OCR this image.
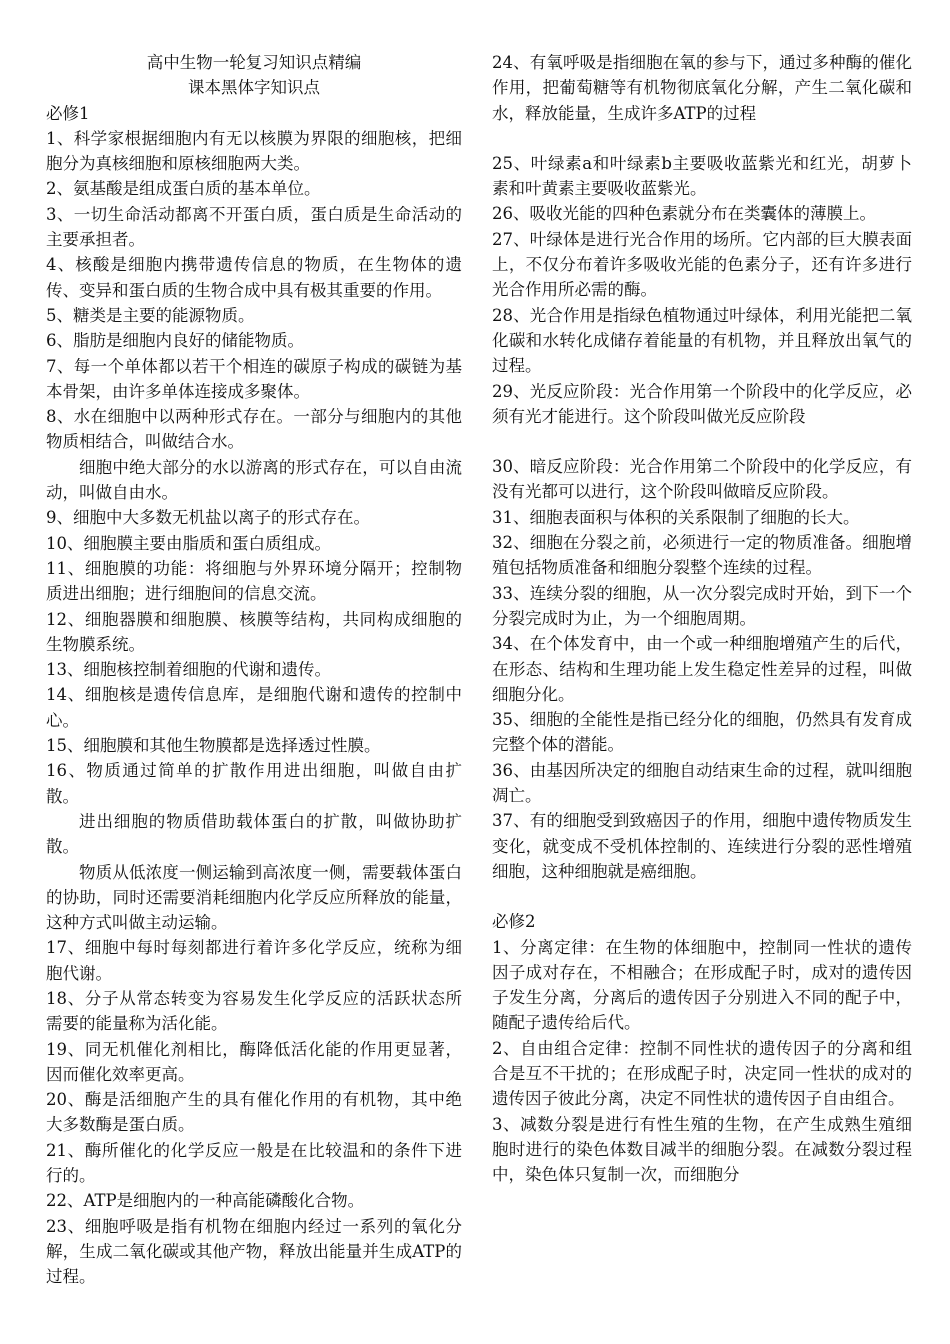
高中生物一轮复习知识点精编

课本黑体字知识点

必修1

1、科学家根据细胞内有无以核膜为界限的细胞核，把细胞分为真核细胞和原核细胞两大类。

2、氨基酸是组成蛋白质的基本单位。

3、一切生命活动都离不开蛋白质，蛋白质是生命活动的主要承担者。

4、核酸是细胞内携带遗传信息的物质，在生物体的遗传、变异和蛋白质的生物合成中具有极其重要的作用。

5、糖类是主要的能源物质。

6、脂肪是细胞内良好的储能物质。

7、每一个单体都以若干个相连的碳原子构成的碳链为基本骨架，由许多单体连接成多聚体。

8、水在细胞中以两种形式存在。一部分与细胞内的其他物质相结合，叫做结合水。

细胞中绝大部分的水以游离的形式存在，可以自由流动，叫做自由水。

9、细胞中大多数无机盐以离子的形式存在。

10、细胞膜主要由脂质和蛋白质组成。

11、细胞膜的功能：将细胞与外界环境分隔开；控制物质进出细胞；进行细胞间的信息交流。

12、细胞器膜和细胞膜、核膜等结构，共同构成细胞的生物膜系统。

13、细胞核控制着细胞的代谢和遗传。

14、细胞核是遗传信息库，是细胞代谢和遗传的控制中心。

15、细胞膜和其他生物膜都是选择透过性膜。

16、物质通过简单的扩散作用进出细胞，叫做自由扩散。

进出细胞的物质借助载体蛋白的扩散，叫做协助扩散。

物质从低浓度一侧运输到高浓度一侧，需要载体蛋白的协助，同时还需要消耗细胞内化学反应所释放的能量，这种方式叫做主动运输。

17、细胞中每时每刻都进行着许多化学反应，统称为细胞代谢。

18、分子从常态转变为容易发生化学反应的活跃状态所需要的能量称为活化能。

19、同无机催化剂相比，酶降低活化能的作用更显著，因而催化效率更高。

20、酶是活细胞产生的具有催化作用的有机物，其中绝大多数酶是蛋白质。

21、酶所催化的化学反应一般是在比较温和的条件下进行的。

22、ATP是细胞内的一种高能磷酸化合物。

23、细胞呼吸是指有机物在细胞内经过一系列的氧化分解，生成二氧化碳或其他产物，释放出能量并生成ATP的过程。

24、有氧呼吸是指细胞在氧的参与下，通过多种酶的催化作用，把葡萄糖等有机物彻底氧化分解，产生二氧化碳和水，释放能量，生成许多ATP的过程

25、叶绿素a和叶绿素b主要吸收蓝紫光和红光，胡萝卜素和叶黄素主要吸收蓝紫光。

26、吸收光能的四种色素就分布在类囊体的薄膜上。

27、叶绿体是进行光合作用的场所。它内部的巨大膜表面上，不仅分布着许多吸收光能的色素分子，还有许多进行光合作用所必需的酶。

28、光合作用是指绿色植物通过叶绿体，利用光能把二氧化碳和水转化成储存着能量的有机物，并且释放出氧气的过程。

29、光反应阶段：光合作用第一个阶段中的化学反应，必须有光才能进行。这个阶段叫做光反应阶段

30、暗反应阶段：光合作用第二个阶段中的化学反应，有没有光都可以进行，这个阶段叫做暗反应阶段。

31、细胞表面积与体积的关系限制了细胞的长大。

32、细胞在分裂之前，必须进行一定的物质准备。细胞增殖包括物质准备和细胞分裂整个连续的过程。

33、连续分裂的细胞，从一次分裂完成时开始，到下一个分裂完成时为止，为一个细胞周期。

34、在个体发育中，由一个或一种细胞增殖产生的后代，在形态、结构和生理功能上发生稳定性差异的过程，叫做细胞分化。

35、细胞的全能性是指已经分化的细胞，仍然具有发育成完整个体的潜能。

36、由基因所决定的细胞自动结束生命的过程，就叫细胞凋亡。

37、有的细胞受到致癌因子的作用，细胞中遗传物质发生变化，就变成不受机体控制的、连续进行分裂的恶性增殖细胞，这种细胞就是癌细胞。

必修2

1、分离定律：在生物的体细胞中，控制同一性状的遗传因子成对存在，不相融合；在形成配子时，成对的遗传因子发生分离，分离后的遗传因子分别进入不同的配子中，随配子遗传给后代。

2、自由组合定律：控制不同性状的遗传因子的分离和组合是互不干扰的；在形成配子时，决定同一性状的成对的遗传因子彼此分离，决定不同性状的遗传因子自由组合。

3、减数分裂是进行有性生殖的生物，在产生成熟生殖细胞时进行的染色体数目减半的细胞分裂。在减数分裂过程中，染色体只复制一次，而细胞分
